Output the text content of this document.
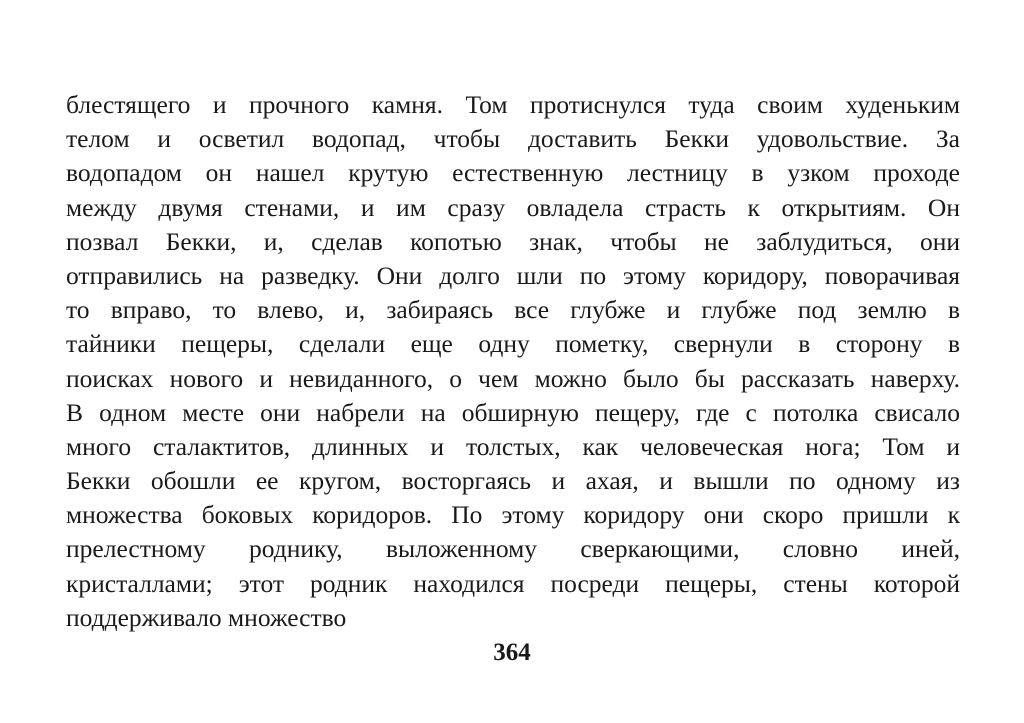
блестящего и прочного камня. Том протиснулся туда своим худеньким
телом и осветил водопад, чтобы доставить Бекки удовольствие. За
водопадом он нашел крутую естественную лестницу в узком проходе
между двумя стенами, и им сразу овладела страсть к открытиям. Он
позвал Бекки, и, сделав копотью знак, чтобы не заблудиться, они
отправились на разведку. Они долго шли по этому коридору, поворачивая
то вправо, то влево, и, забираясь все глубже и глубже под землю в
тайники пещеры, сделали еще одну пометку, свернули в сторону в
поисках нового и невиданного, о чем можно было бы рассказать наверху.
В одном месте они набрели на обширную пещеру, где с потолка свисало
много сталактитов, длинных и толстых, как человеческая нога; Том и
Бекки обошли ее кругом, восторгаясь и ахая, и вышли по одному из
множества боковых коридоров. По этому коридору они скоро пришли к
прелестному роднику, выложенному сверкающими, словно иней,
кристаллами; этот родник находился посреди пещеры, стены которой
поддерживало множество
364
